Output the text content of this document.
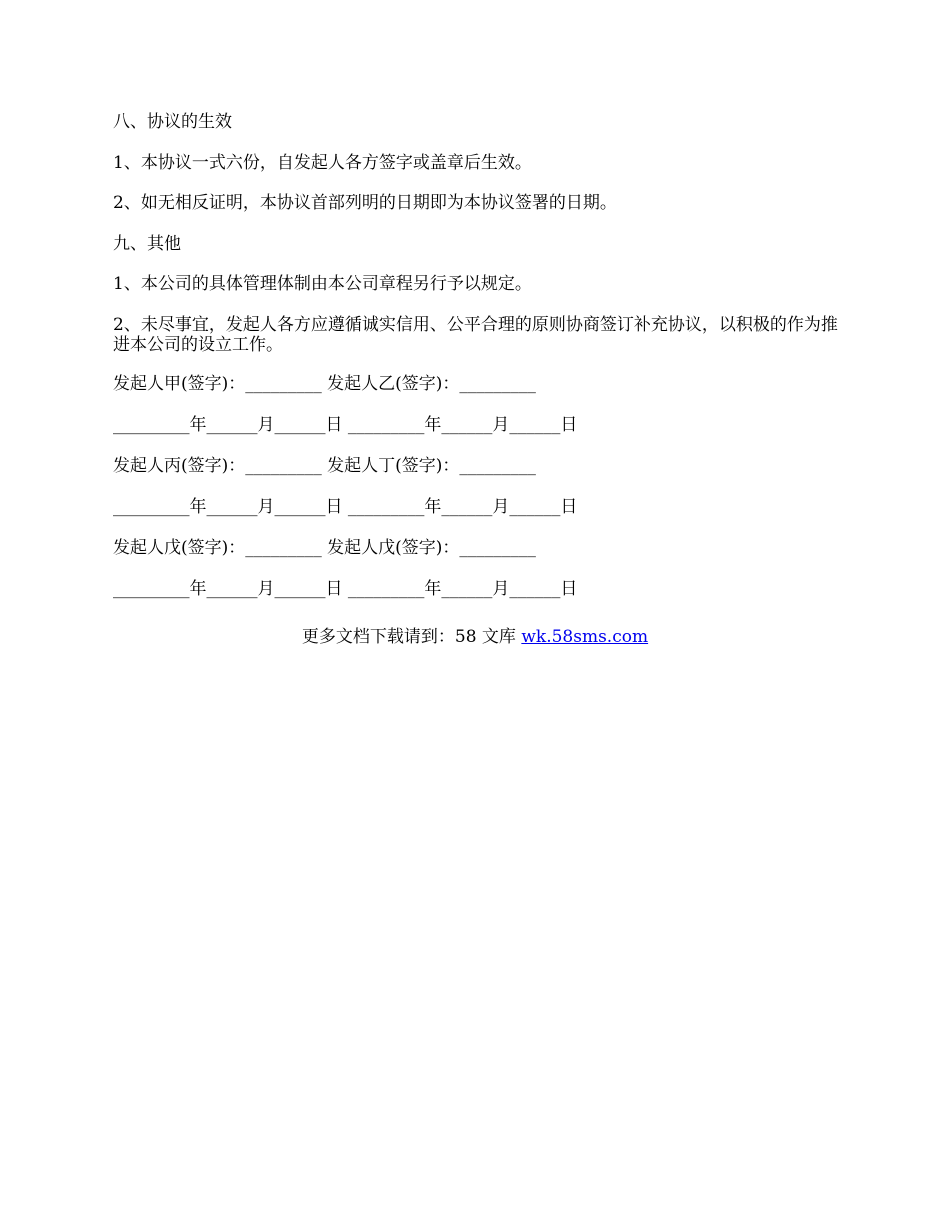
八、协议的生效

1、本协议一式六份，自发起人各方签字或盖章后生效。

2、如无相反证明，本协议首部列明的日期即为本协议签署的日期。

九、其他

1、本公司的具体管理体制由本公司章程另行予以规定。

2、未尽事宜，发起人各方应遵循诚实信用、公平合理的原则协商签订补充协议，以积极的作为推进本公司的设立工作。

发起人甲(签字)：_________ 发起人乙(签字)：_________

_________年______月______日 _________年______月______日

发起人丙(签字)：_________ 发起人丁(签字)：_________

_________年______月______日 _________年______月______日

发起人戊(签字)：_________ 发起人戊(签字)：_________

_________年______月______日 _________年______月______日

更多文档下载请到：58 文库 wk.58sms.com
